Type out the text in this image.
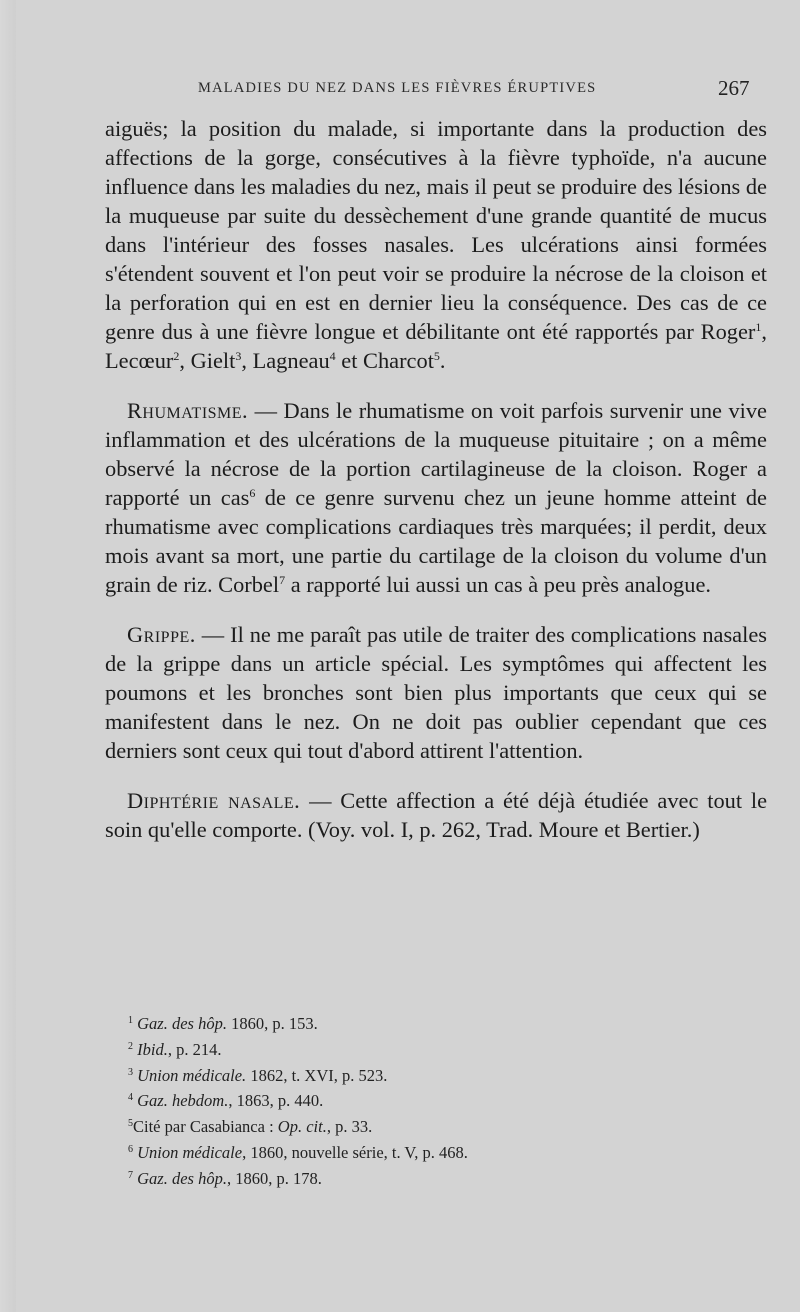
MALADIES DU NEZ DANS LES FIÈVRES ÉRUPTIVES	267

aiguës; la position du malade, si importante dans la production des affections de la gorge, consécutives à la fièvre typhoïde, n'a aucune influence dans les maladies du nez, mais il peut se produire des lésions de la muqueuse par suite du dessèchement d'une grande quantité de mucus dans l'intérieur des fosses nasales. Les ulcérations ainsi formées s'étendent souvent et l'on peut voir se produire la nécrose de la cloison et la perforation qui en est en dernier lieu la conséquence. Des cas de ce genre dus à une fièvre longue et débilitante ont été rapportés par Roger$^1$, Lecœur$^2$, Gielt$^3$, Lagneau$^4$ et Charcot$^5$.

Rhumatisme. — Dans le rhumatisme on voit parfois survenir une vive inflammation et des ulcérations de la muqueuse pituitaire ; on a même observé la nécrose de la portion cartilagineuse de la cloison. Roger a rapporté un cas$^6$ de ce genre survenu chez un jeune homme atteint de rhumatisme avec complications cardiaques très marquées; il perdit, deux mois avant sa mort, une partie du cartilage de la cloison du volume d'un grain de riz. Corbel$^7$ a rapporté lui aussi un cas à peu près analogue.

Grippe. — Il ne me paraît pas utile de traiter des complications nasales de la grippe dans un article spécial. Les symptômes qui affectent les poumons et les bronches sont bien plus importants que ceux qui se manifestent dans le nez. On ne doit pas oublier cependant que ces derniers sont ceux qui tout d'abord attirent l'attention.

Diphtérie nasale. — Cette affection a été déjà étudiée avec tout le soin qu'elle comporte. (Voy. vol. I, p. 262, Trad. Moure et Bertier.)

$^1$ Gaz. des hôp. 1860, p. 153.
$^2$ Ibid., p. 214.
$^3$ Union médicale. 1862, t. XVI, p. 523.
$^4$ Gaz. hebdom., 1863, p. 440.
$^5$Cité par Casabianca : Op. cit., p. 33.
$^6$ Union médicale, 1860, nouvelle série, t. V, p. 468.
$^7$ Gaz. des hôp., 1860, p. 178.
